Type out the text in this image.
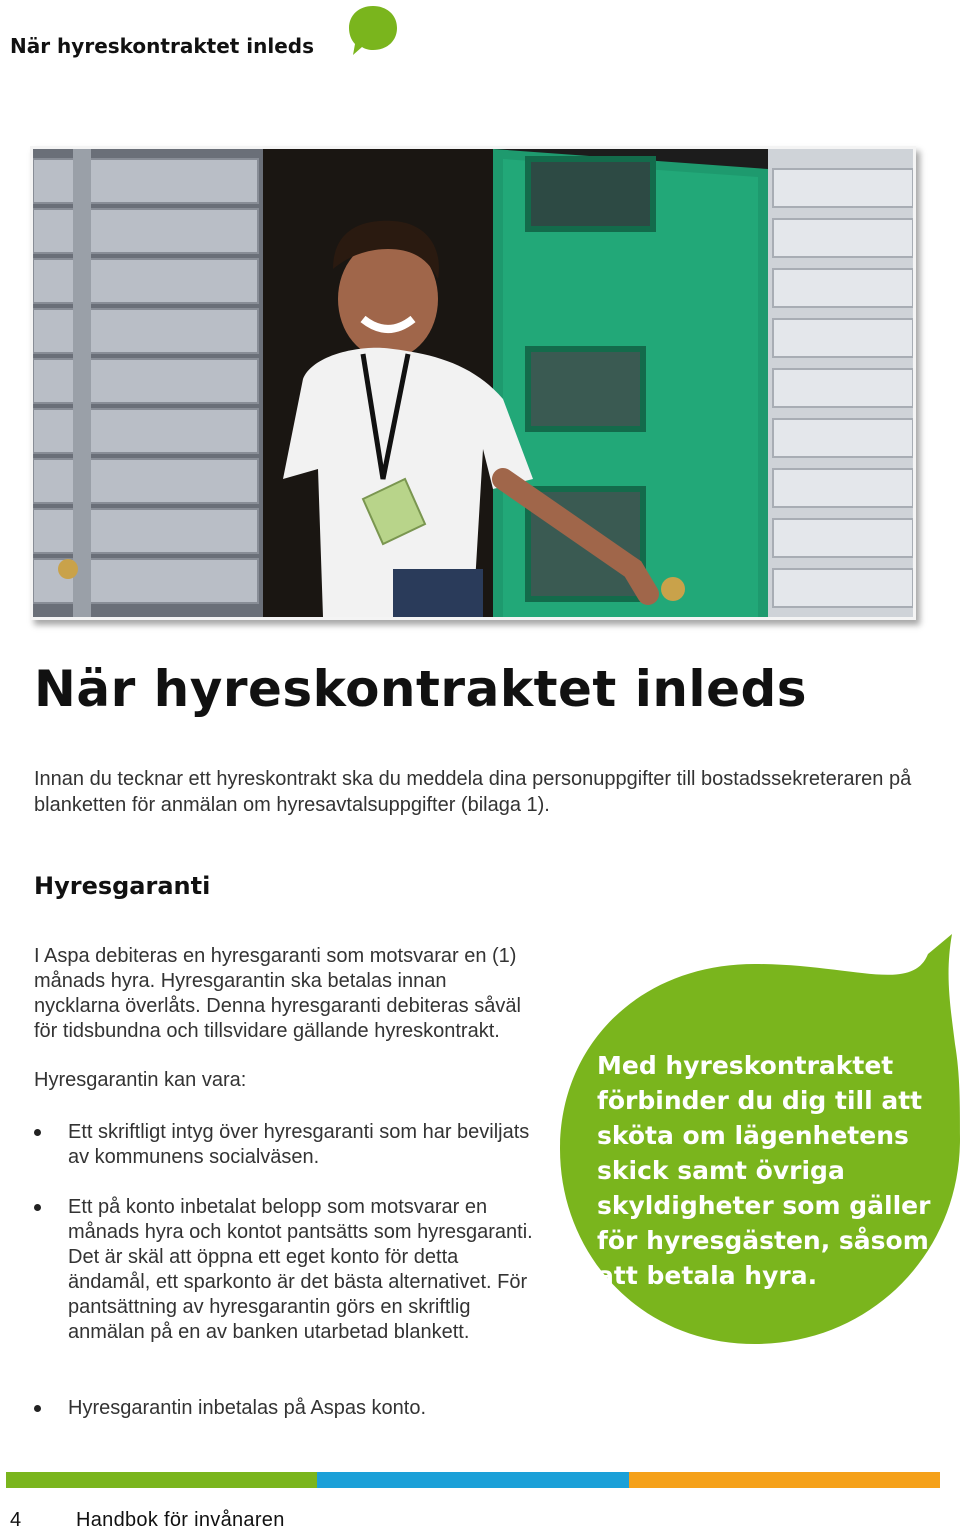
När hyreskontraktet inleds
När hyreskontraktet inleds

Innan du tecknar ett hyreskontrakt ska du meddela dina personuppgifter till bostadssekreteraren på blanketten för anmälan om hyresavtalsuppgifter (bilaga 1).

Hyresgaranti

I Aspa debiteras en hyresgaranti som motsvarar en (1) månads hyra. Hyresgarantin ska betalas innan nycklarna överlåts. Denna hyresgaranti debiteras såväl för tidsbundna och tillsvidare gällande hyreskontrakt.

Hyresgarantin kan vara:

Ett skriftligt intyg över hyresgaranti som har beviljats av kommunens socialväsen.
Ett på konto inbetalat belopp som motsvarar en månads hyra och kontot pantsätts som hyresgaranti. Det är skäl att öppna ett eget konto för detta ändamål, ett sparkonto är det bästa alternativet. För pantsättning av hyresgarantin görs en skriftlig anmälan på en av banken utarbetad blankett.
Hyresgarantin inbetalas på Aspas konto.

Med hyreskontraktet förbinder du dig till att sköta om lägenhetens skick samt övriga skyldigheter som gäller för hyresgästen, såsom att betala hyra.

4	Handbok för invånaren
